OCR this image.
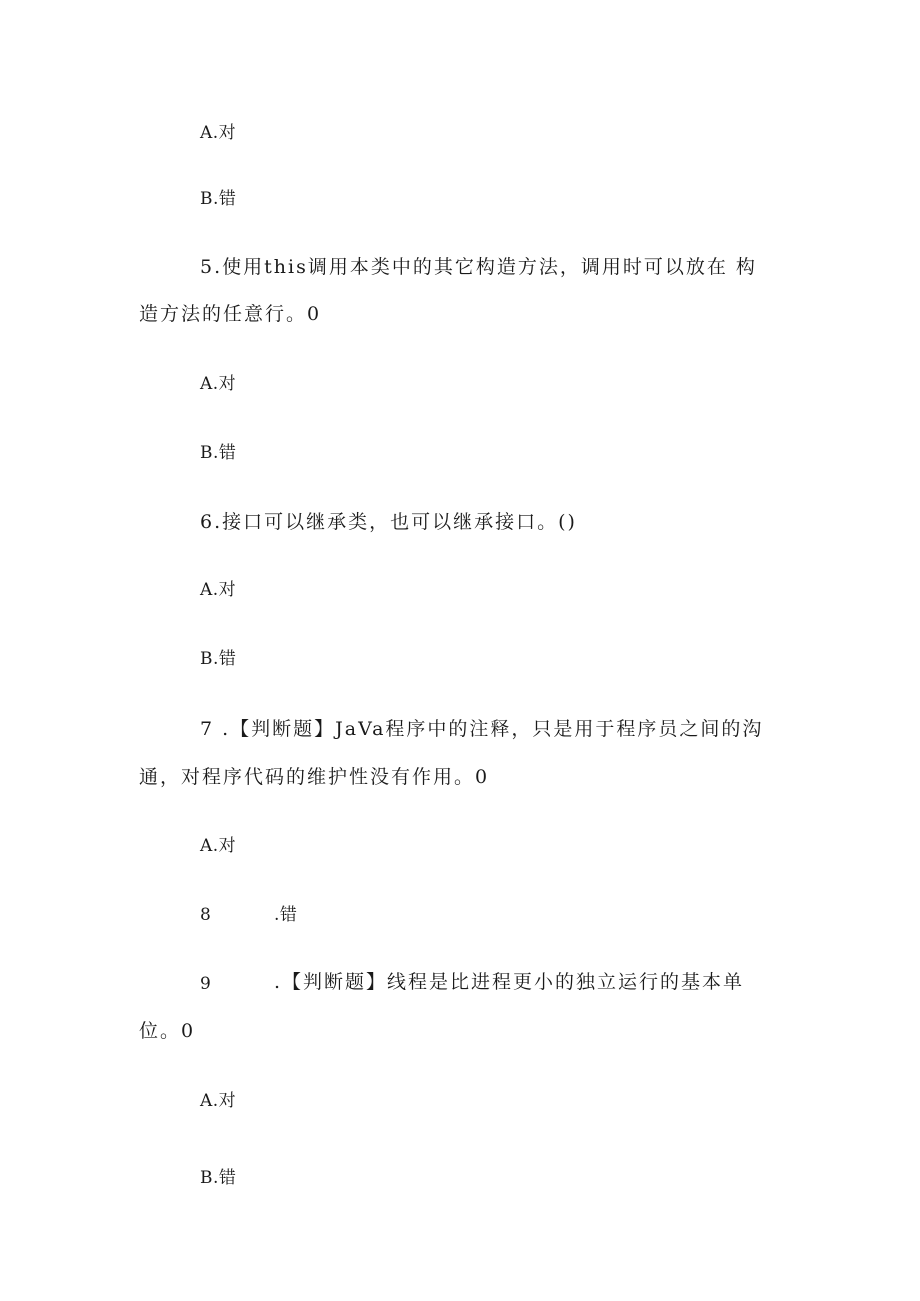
A.对
B.错
5.使用this调用本类中的其它构造方法，调用时可以放在 构
造方法的任意行。0
A.对
B.错
6.接口可以继承类，也可以继承接口。()
A.对
B.错
7 .【判断题】JaVa程序中的注释，只是用于程序员之间的沟
通，对程序代码的维护性没有作用。0
A.对
8	.错
9	.【判断题】线程是比进程更小的独立运行的基本单
位。0
A.对
B.错
